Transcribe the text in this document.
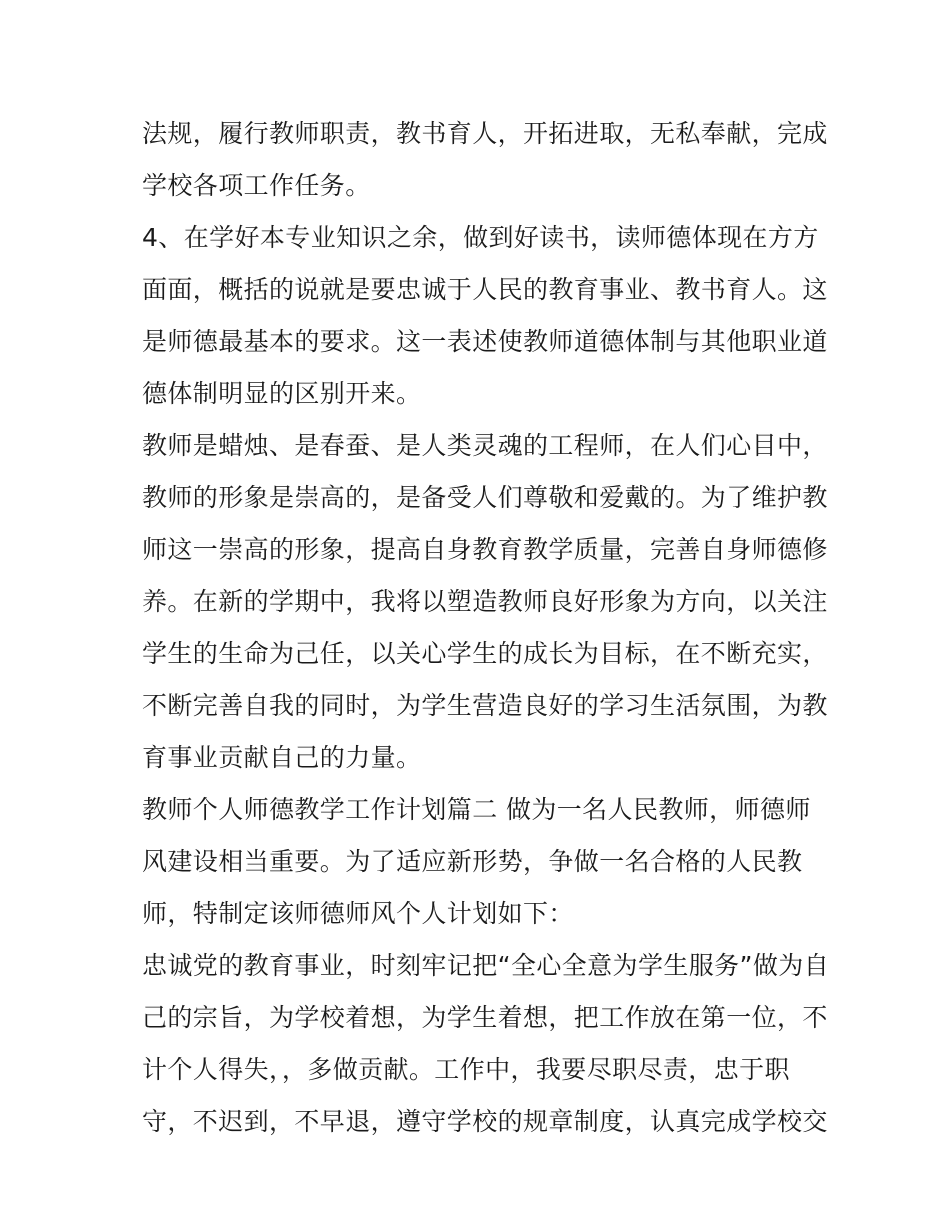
法规，履行教师职责，教书育人，开拓进取，无私奉献，完成
学校各项工作任务。
4、在学好本专业知识之余，做到好读书，读师德体现在方方
面面，概括的说就是要忠诚于人民的教育事业、教书育人。这
是师德最基本的要求。这一表述使教师道德体制与其他职业道
德体制明显的区别开来。
教师是蜡烛、是春蚕、是人类灵魂的工程师，在人们心目中，
教师的形象是崇高的，是备受人们尊敬和爱戴的。为了维护教
师这一崇高的形象，提高自身教育教学质量，完善自身师德修
养。在新的学期中，我将以塑造教师良好形象为方向，以关注
学生的生命为己任，以关心学生的成长为目标，在不断充实，
不断完善自我的同时，为学生营造良好的学习生活氛围，为教
育事业贡献自己的力量。
教师个人师德教学工作计划篇二 做为一名人民教师，师德师
风建设相当重要。为了适应新形势，争做一名合格的人民教
师，特制定该师德师风个人计划如下：
忠诚党的教育事业，时刻牢记把“全心全意为学生服务”做为自
己的宗旨，为学校着想，为学生着想，把工作放在第一位，不
计个人得失，，多做贡献。工作中，我要尽职尽责，忠于职
守，不迟到，不早退，遵守学校的规章制度，认真完成学校交
